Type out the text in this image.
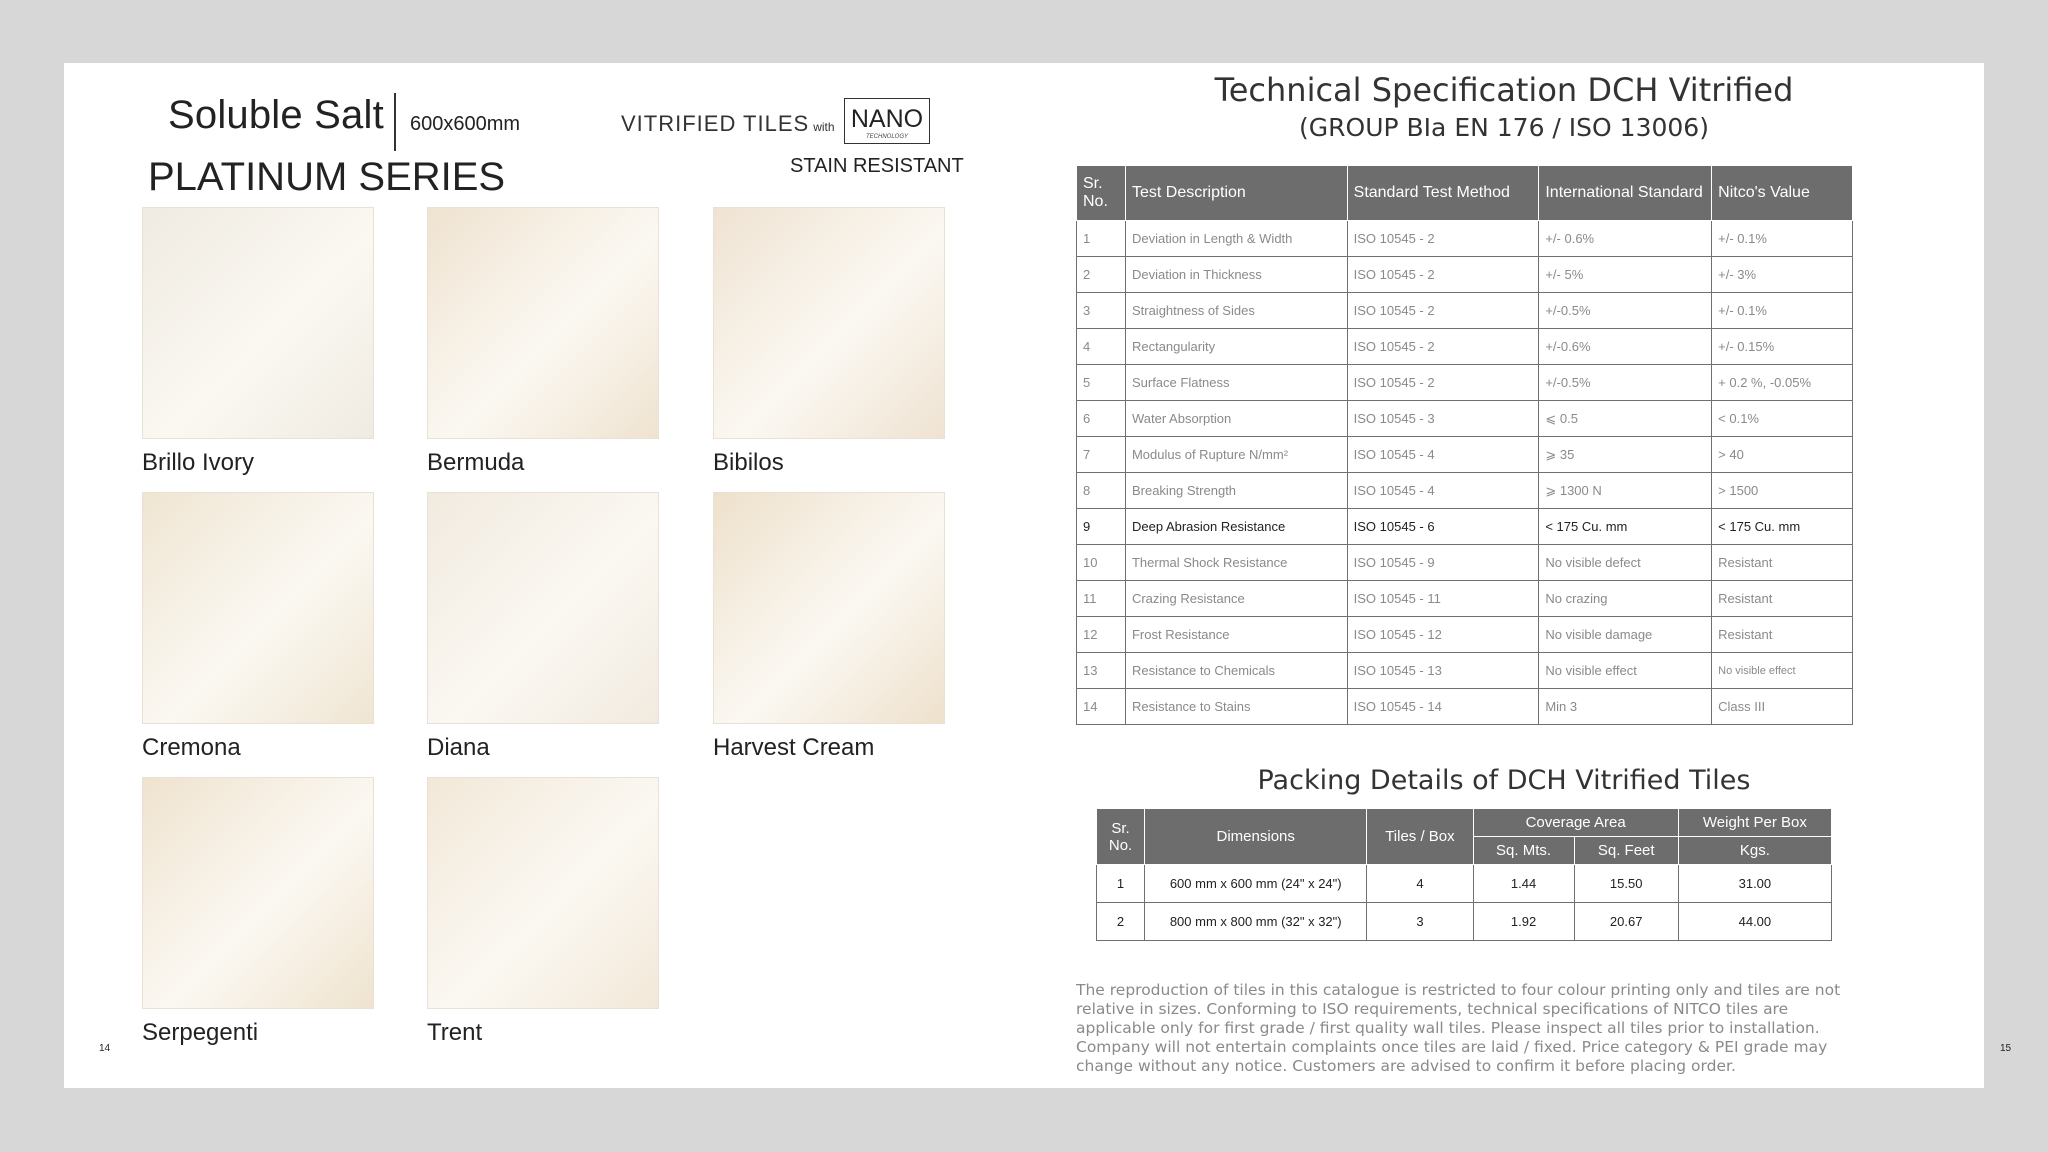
Soluble Salt 600x600mm	VITRIFIED TILES with NANO
TECHNOLOGY
PLATINUM SERIES	STAIN RESISTANT
Brillo Ivory	Bermuda	Bibilos
Cremona	Diana	Harvest Cream
Serpegenti	Trent
14
Technical Specification DCH Vitrified
(GROUP BIa EN 176 / ISO 13006)
Sr. No.	Test Description	Standard Test Method	International Standard	Nitco's Value
1	Deviation in Length & Width	ISO 10545 - 2	+/- 0.6%	+/- 0.1%
2	Deviation in Thickness	ISO 10545 - 2	+/- 5%	+/- 3%
3	Straightness of Sides	ISO 10545 - 2	+/-0.5%	+/- 0.1%
4	Rectangularity	ISO 10545 - 2	+/-0.6%	+/- 0.15%
5	Surface Flatness	ISO 10545 - 2	+/-0.5%	+ 0.2 %, -0.05%
6	Water Absorption	ISO 10545 - 3	⩽ 0.5	< 0.1%
7	Modulus of Rupture N/mm²	ISO 10545 - 4	⩾ 35	> 40
8	Breaking Strength	ISO 10545 - 4	⩾ 1300 N	> 1500
9	Deep Abrasion Resistance	ISO 10545 - 6	< 175 Cu. mm	< 175 Cu. mm
10	Thermal Shock Resistance	ISO 10545 - 9	No visible defect	Resistant
11	Crazing Resistance	ISO 10545 - 11	No crazing	Resistant
12	Frost Resistance	ISO 10545 - 12	No visible damage	Resistant
13	Resistance to Chemicals	ISO 10545 - 13	No visible effect	No visible effect
14	Resistance to Stains	ISO 10545 - 14	Min 3	Class III
Packing Details of DCH Vitrified Tiles
Sr. No.	Dimensions	Tiles / Box	Coverage Area		Weight Per Box
			Sq. Mts.	Sq. Feet	Kgs.
1	600 mm x 600 mm (24" x 24")	4	1.44	15.50	31.00
2	800 mm x 800 mm (32" x 32")	3	1.92	20.67	44.00
The reproduction of tiles in this catalogue is restricted to four colour printing only and tiles are not relative in sizes. Conforming to ISO requirements, technical specifications of NITCO tiles are applicable only for first grade / first quality wall tiles. Please inspect all tiles prior to installation. Company will not entertain complaints once tiles are laid / fixed. Price category & PEI grade may change without any notice. Customers are advised to confirm it before placing order.
15
